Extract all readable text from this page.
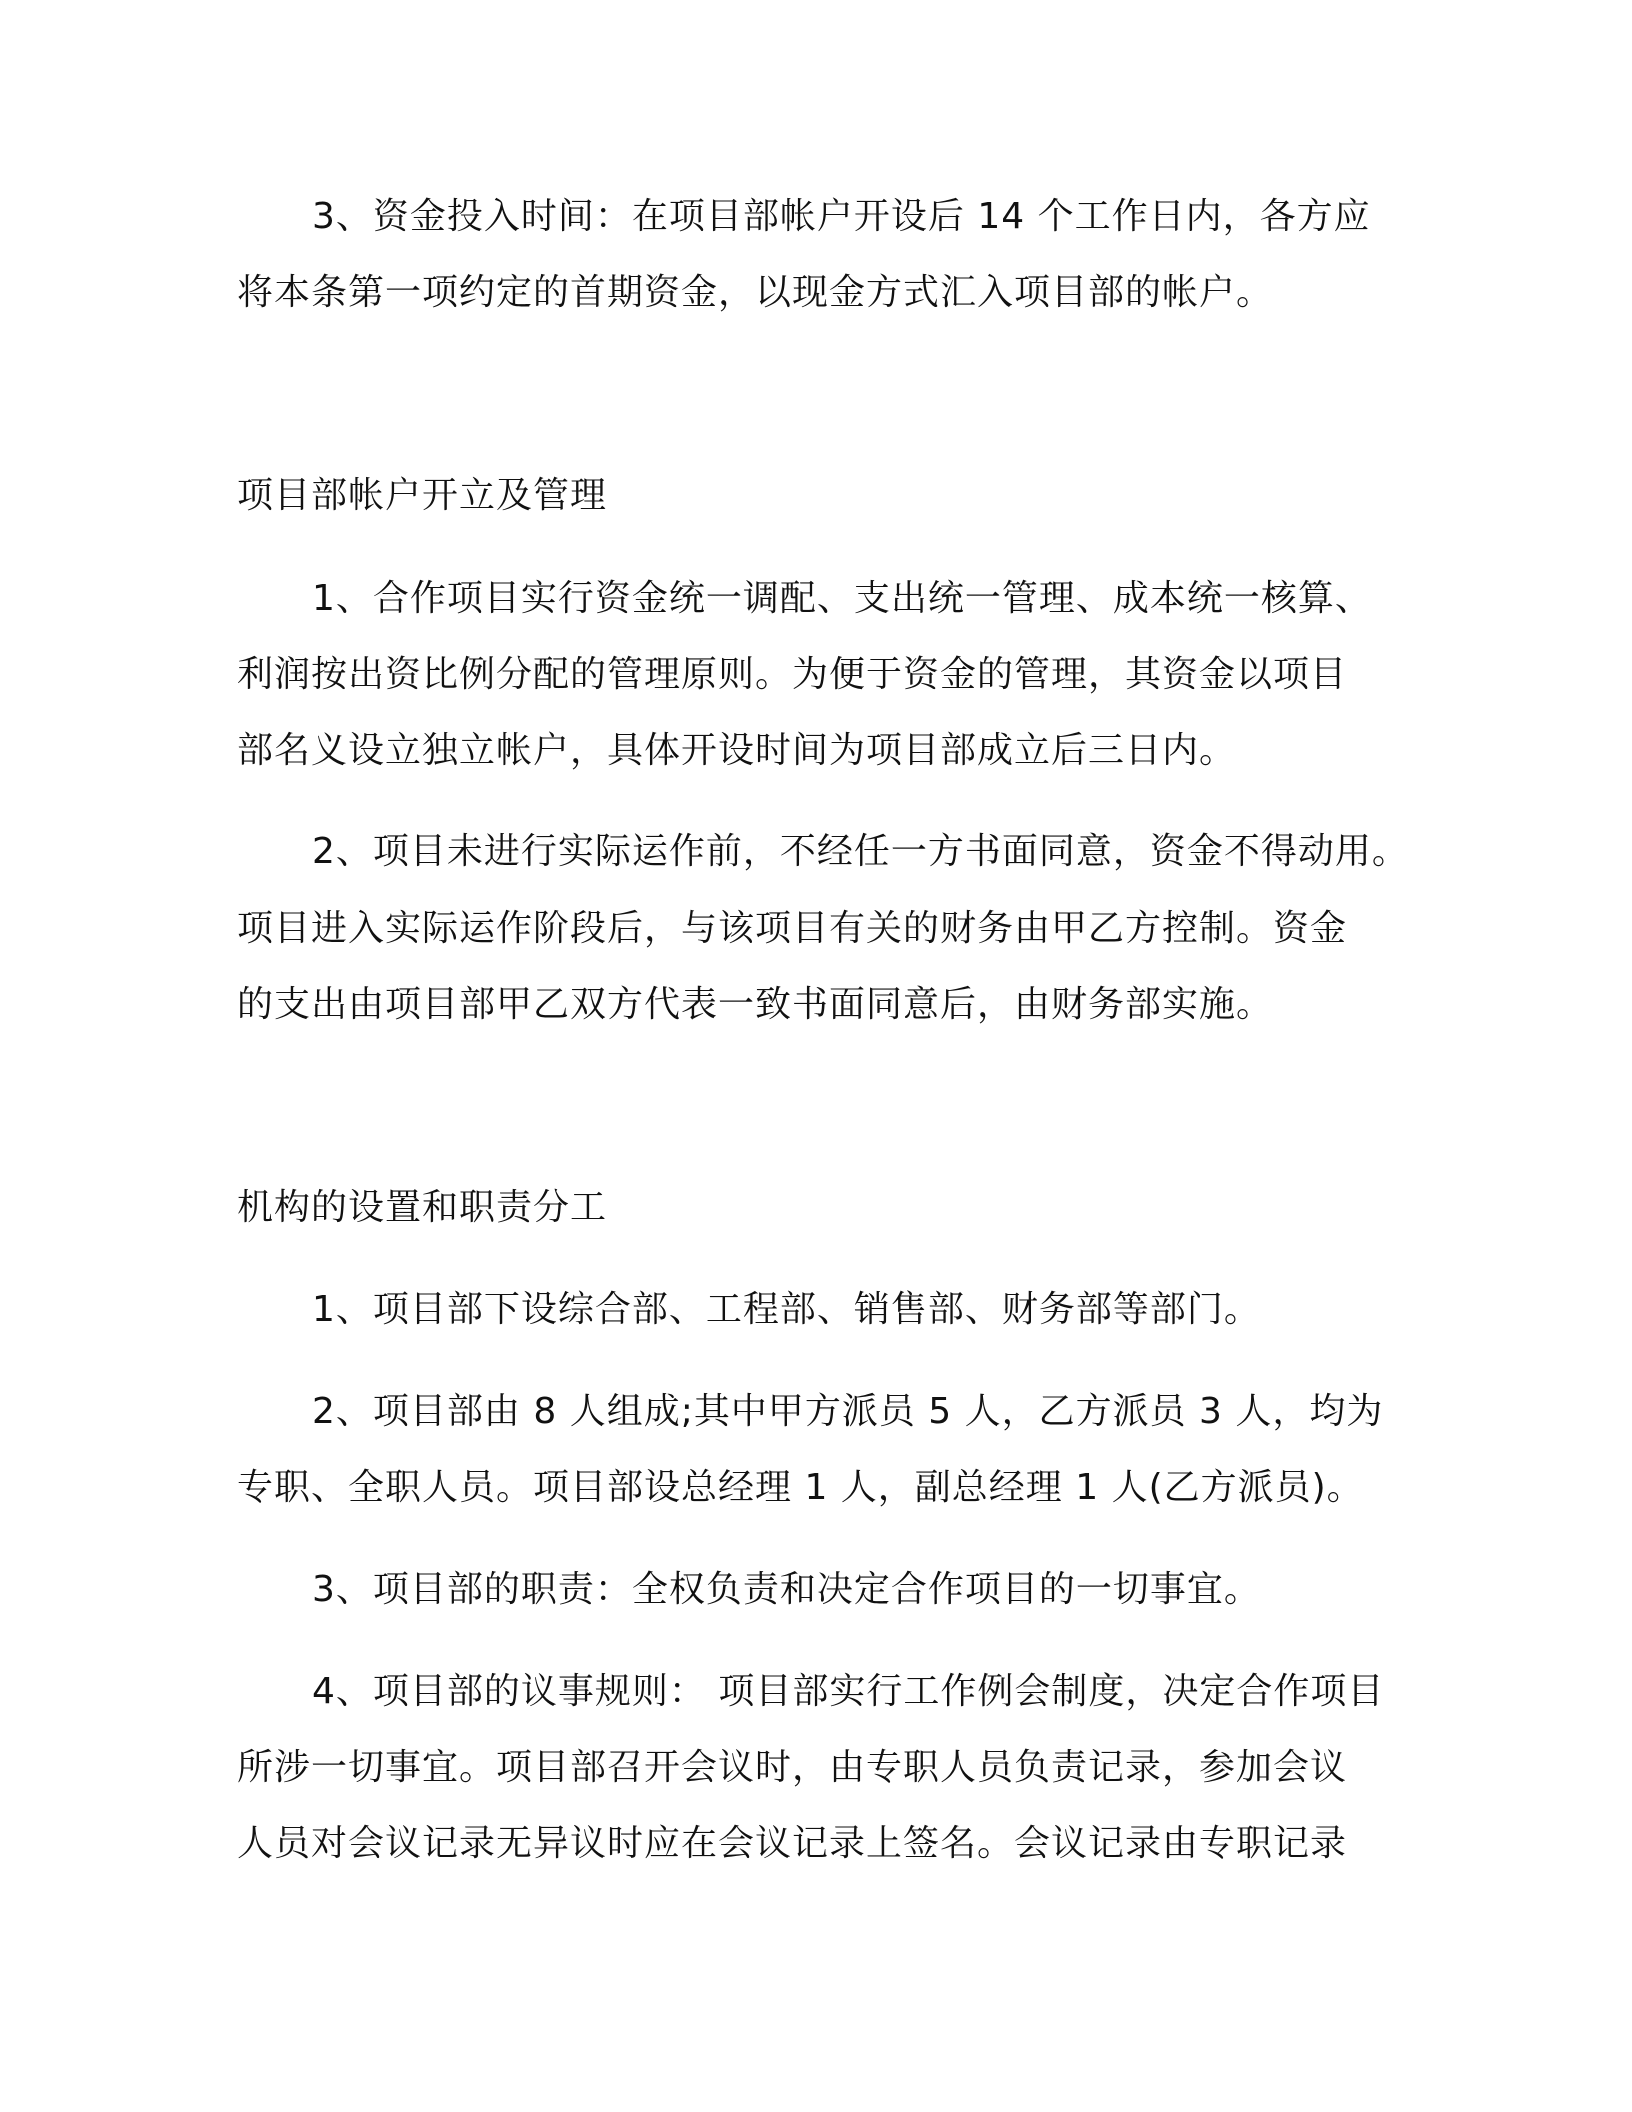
3、资金投入时间：在项目部帐户开设后 14 个工作日内，各方应
将本条第一项约定的首期资金，以现金方式汇入项目部的帐户。
项目部帐户开立及管理
1、合作项目实行资金统一调配、支出统一管理、成本统一核算、
利润按出资比例分配的管理原则。为便于资金的管理，其资金以项目
部名义设立独立帐户，具体开设时间为项目部成立后三日内。
2、项目未进行实际运作前，不经任一方书面同意，资金不得动用。
项目进入实际运作阶段后，与该项目有关的财务由甲乙方控制。资金
的支出由项目部甲乙双方代表一致书面同意后，由财务部实施。
机构的设置和职责分工
1、项目部下设综合部、工程部、销售部、财务部等部门。
2、项目部由 8 人组成;其中甲方派员 5 人，乙方派员 3 人，均为
专职、全职人员。项目部设总经理 1 人，副总经理 1 人(乙方派员)。
3、项目部的职责：全权负责和决定合作项目的一切事宜。
4、项目部的议事规则： 项目部实行工作例会制度，决定合作项目
所涉一切事宜。项目部召开会议时，由专职人员负责记录，参加会议
人员对会议记录无异议时应在会议记录上签名。会议记录由专职记录
